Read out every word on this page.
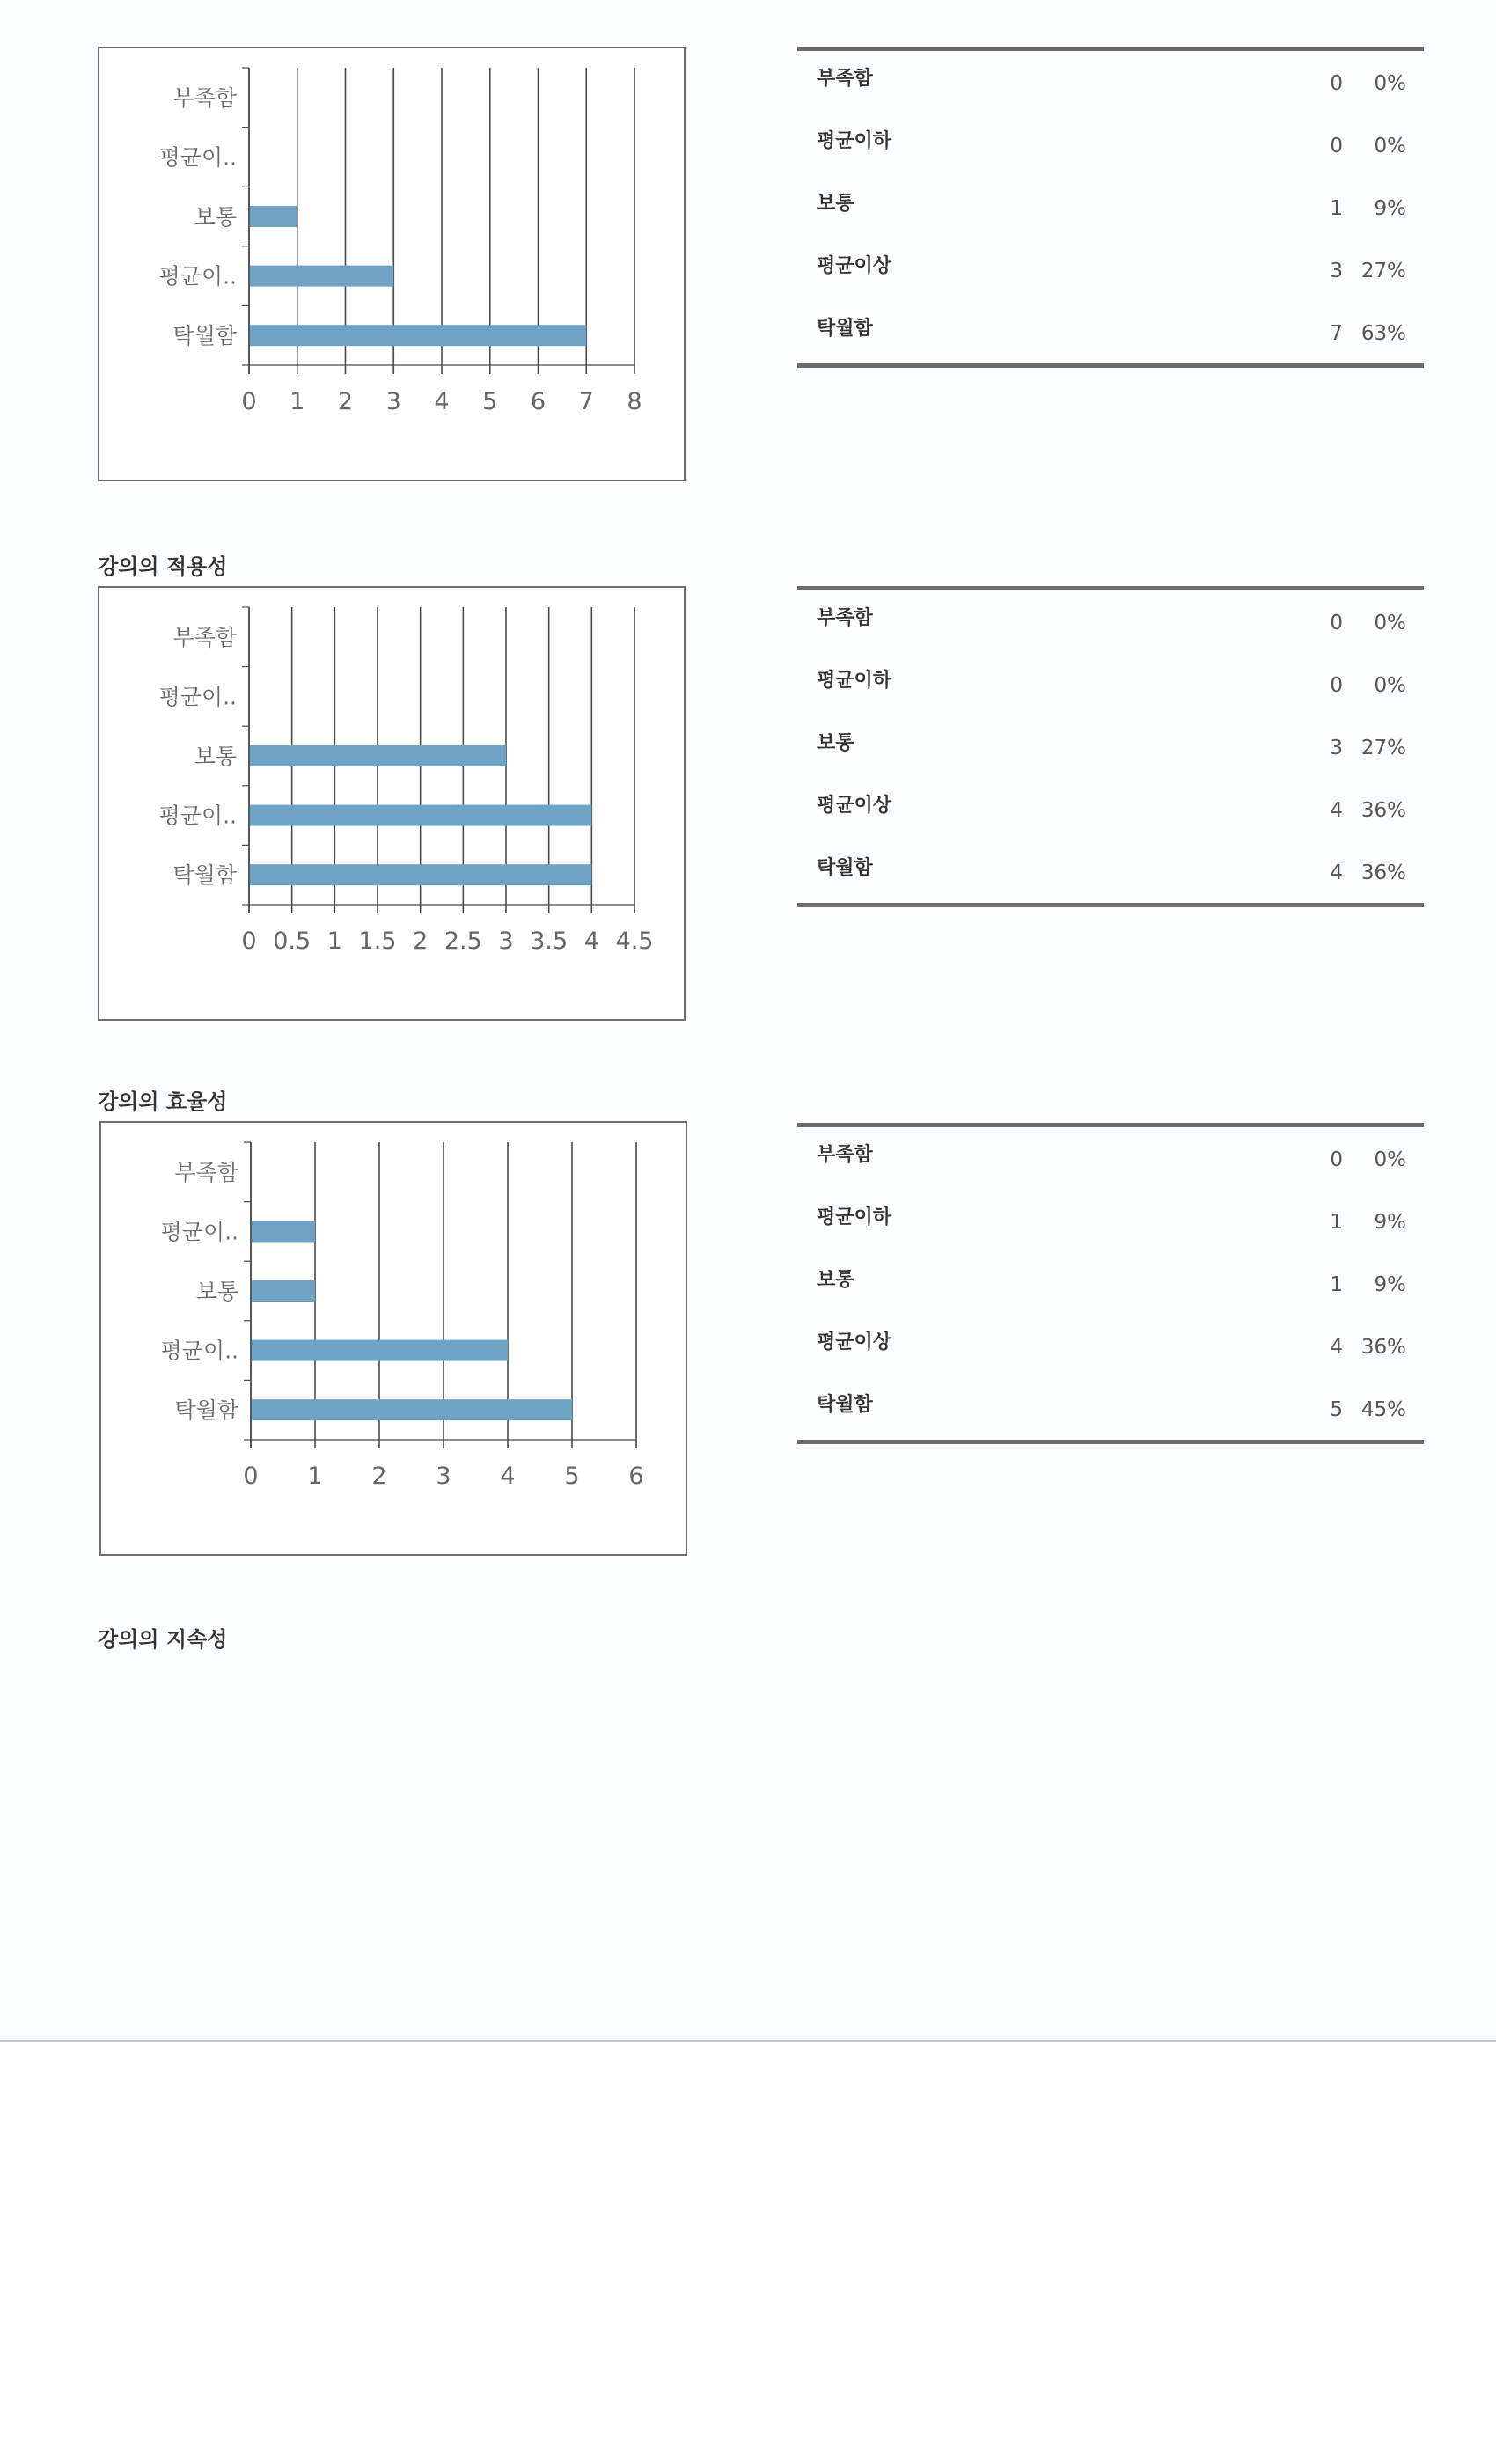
0 1 2 3 4 5 6 7 8
부족함
평균이..
보통
평균이..
탁월함
부족함	0 0%
평균이하	0 0%
보통	1 9%
평균이상	3 27%
탁월함	7 63%
강의의 적용성
0 0.5 1 1.5 2 2.5 3 3.5 4 4.5
부족함
평균이..
보통
평균이..
탁월함
부족함	0 0%
평균이하	0 0%
보통	3 27%
평균이상	4 36%
탁월함	4 36%
강의의 효율성
0 1 2 3 4 5 6
부족함
평균이..
보통
평균이..
탁월함
부족함	0 0%
평균이하	1 9%
보통	1 9%
평균이상	4 36%
탁월함	5 45%
강의의 지속성
